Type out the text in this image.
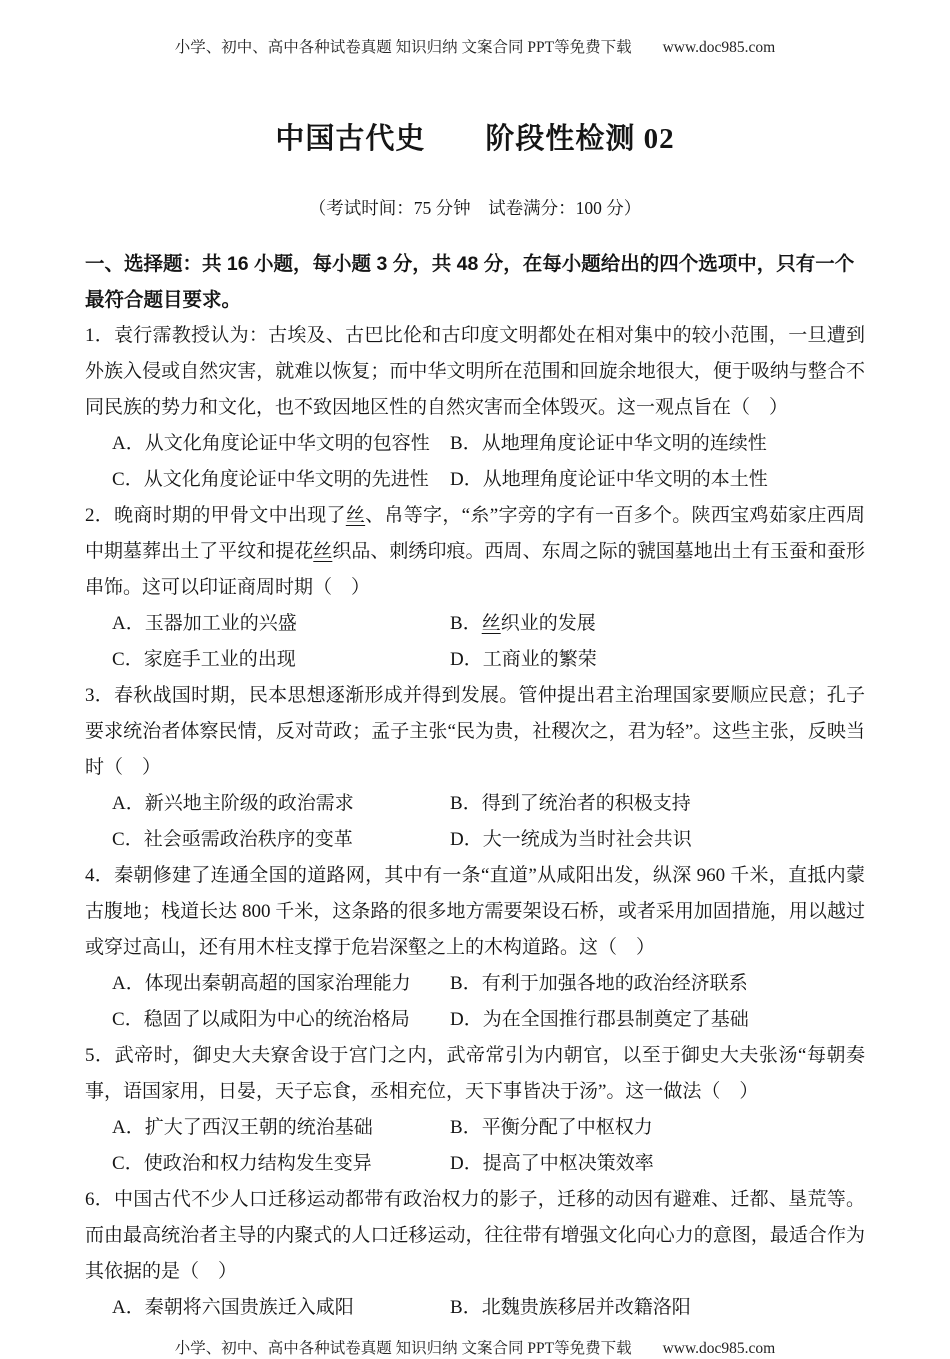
小学、初中、高中各种试卷真题 知识归纳 文案合同 PPT等免费下载　　www.doc985.com
中国古代史　　阶段性检测 02
（考试时间：75 分钟　试卷满分：100 分）
一、选择题：共 16 小题，每小题 3 分，共 48 分，在每小题给出的四个选项中，只有一个最符合题目要求。

1．袁行霈教授认为：古埃及、古巴比伦和古印度文明都处在相对集中的较小范围，一旦遭到外族入侵或自然灾害，就难以恢复；而中华文明所在范围和回旋余地很大，便于吸纳与整合不同民族的势力和文化，也不致因地区性的自然灾害而全体毁灭。这一观点旨在（　）

A．从文化角度论证中华文明的包容性	B．从地理角度论证中华文明的连续性
C．从文化角度论证中华文明的先进性	D．从地理角度论证中华文明的本土性

2．晚商时期的甲骨文中出现了丝、帛等字，“糸”字旁的字有一百多个。陕西宝鸡茹家庄西周中期墓葬出土了平纹和提花丝织品、刺绣印痕。西周、东周之际的虢国墓地出土有玉蚕和蚕形串饰。这可以印证商周时期（　）

A．玉器加工业的兴盛	B．丝织业的发展
C．家庭手工业的出现	D．工商业的繁荣

3．春秋战国时期，民本思想逐渐形成并得到发展。管仲提出君主治理国家要顺应民意；孔子要求统治者体察民情，反对苛政；孟子主张“民为贵，社稷次之，君为轻”。这些主张，反映当时（　）

A．新兴地主阶级的政治需求	B．得到了统治者的积极支持
C．社会亟需政治秩序的变革	D．大一统成为当时社会共识

4．秦朝修建了连通全国的道路网，其中有一条“直道”从咸阳出发，纵深 960 千米，直抵内蒙古腹地；栈道长达 800 千米，这条路的很多地方需要架设石桥，或者采用加固措施，用以越过或穿过高山，还有用木柱支撑于危岩深壑之上的木构道路。这（　）

A．体现出秦朝高超的国家治理能力	B．有利于加强各地的政治经济联系
C．稳固了以咸阳为中心的统治格局	D．为在全国推行郡县制奠定了基础

5．武帝时，御史大夫寮舍设于宫门之内，武帝常引为内朝官，以至于御史大夫张汤“每朝奏事，语国家用，日晏，天子忘食，丞相充位，天下事皆决于汤”。这一做法（　）

A．扩大了西汉王朝的统治基础	B．平衡分配了中枢权力
C．使政治和权力结构发生变异	D．提高了中枢决策效率

6．中国古代不少人口迁移运动都带有政治权力的影子，迁移的动因有避难、迁都、垦荒等。而由最高统治者主导的内聚式的人口迁移运动，往往带有增强文化向心力的意图，最适合作为其依据的是（　）

A．秦朝将六国贵族迁入咸阳	B．北魏贵族移居并改籍洛阳
小学、初中、高中各种试卷真题 知识归纳 文案合同 PPT等免费下载　　www.doc985.com
